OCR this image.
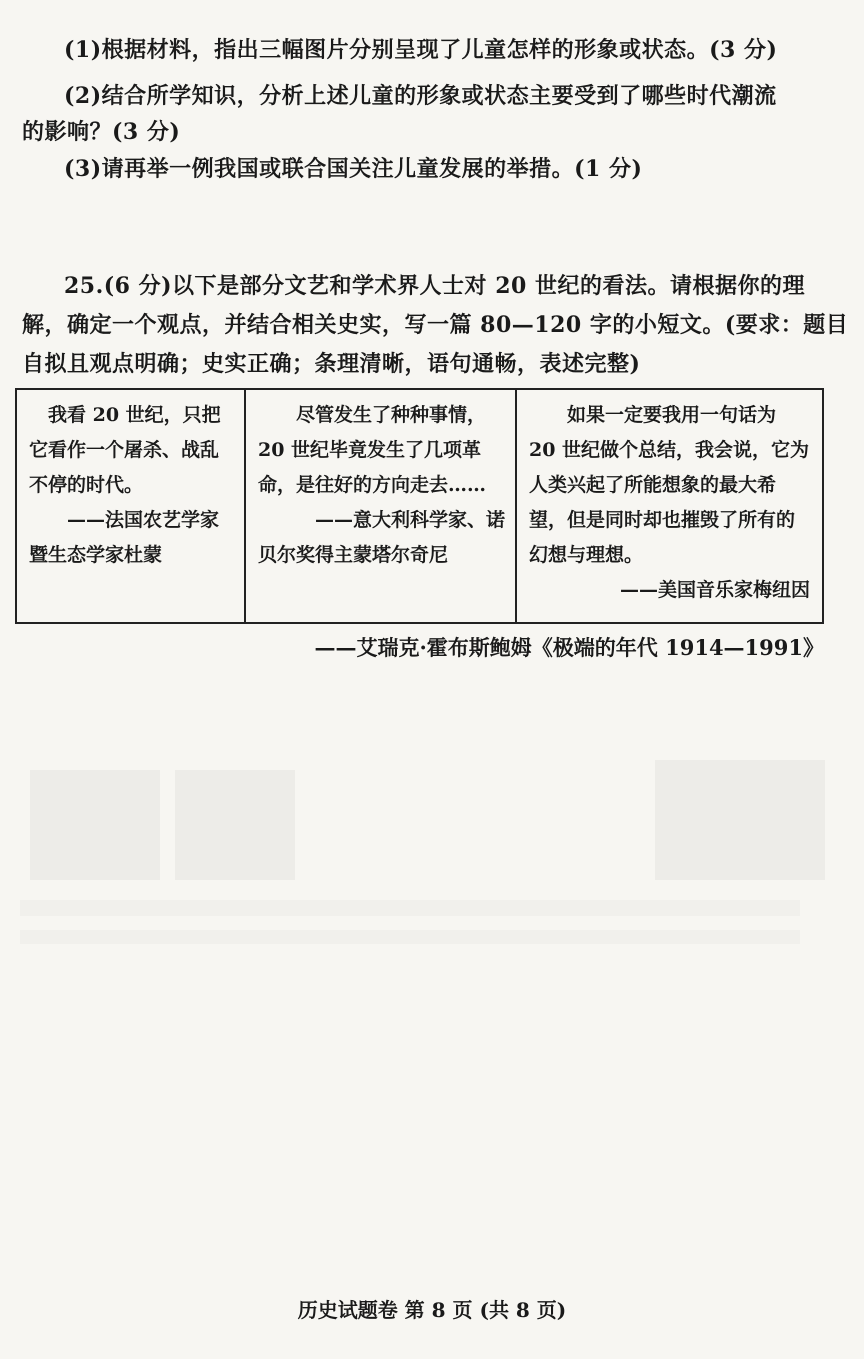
(1)根据材料，指出三幅图片分别呈现了儿童怎样的形象或状态。(3 分)
(2)结合所学知识，分析上述儿童的形象或状态主要受到了哪些时代潮流
的影响？(3 分)
(3)请再举一例我国或联合国关注儿童发展的举措。(1 分)
25.(6 分)以下是部分文艺和学术界人士对 20 世纪的看法。请根据你的理
解，确定一个观点，并结合相关史实，写一篇 80—120 字的小短文。(要求：题目
自拟且观点明确；史实正确；条理清晰，语句通畅，表述完整)
　我看 20 世纪，只把
它看作一个屠杀、战乱
不停的时代。
　　——法国农艺学家
暨生态学家杜蒙
　　尽管发生了种种事情，
20 世纪毕竟发生了几项革
命，是往好的方向走去……
　　　——意大利科学家、诺
贝尔奖得主蒙塔尔奇尼
　　如果一定要我用一句话为
20 世纪做个总结，我会说，它为
人类兴起了所能想象的最大希
望，但是同时却也摧毁了所有的
幻想与理想。
——美国音乐家梅纽因
——艾瑞克·霍布斯鲍姆《极端的年代 1914—1991》
历史试题卷 第 8 页 (共 8 页)
